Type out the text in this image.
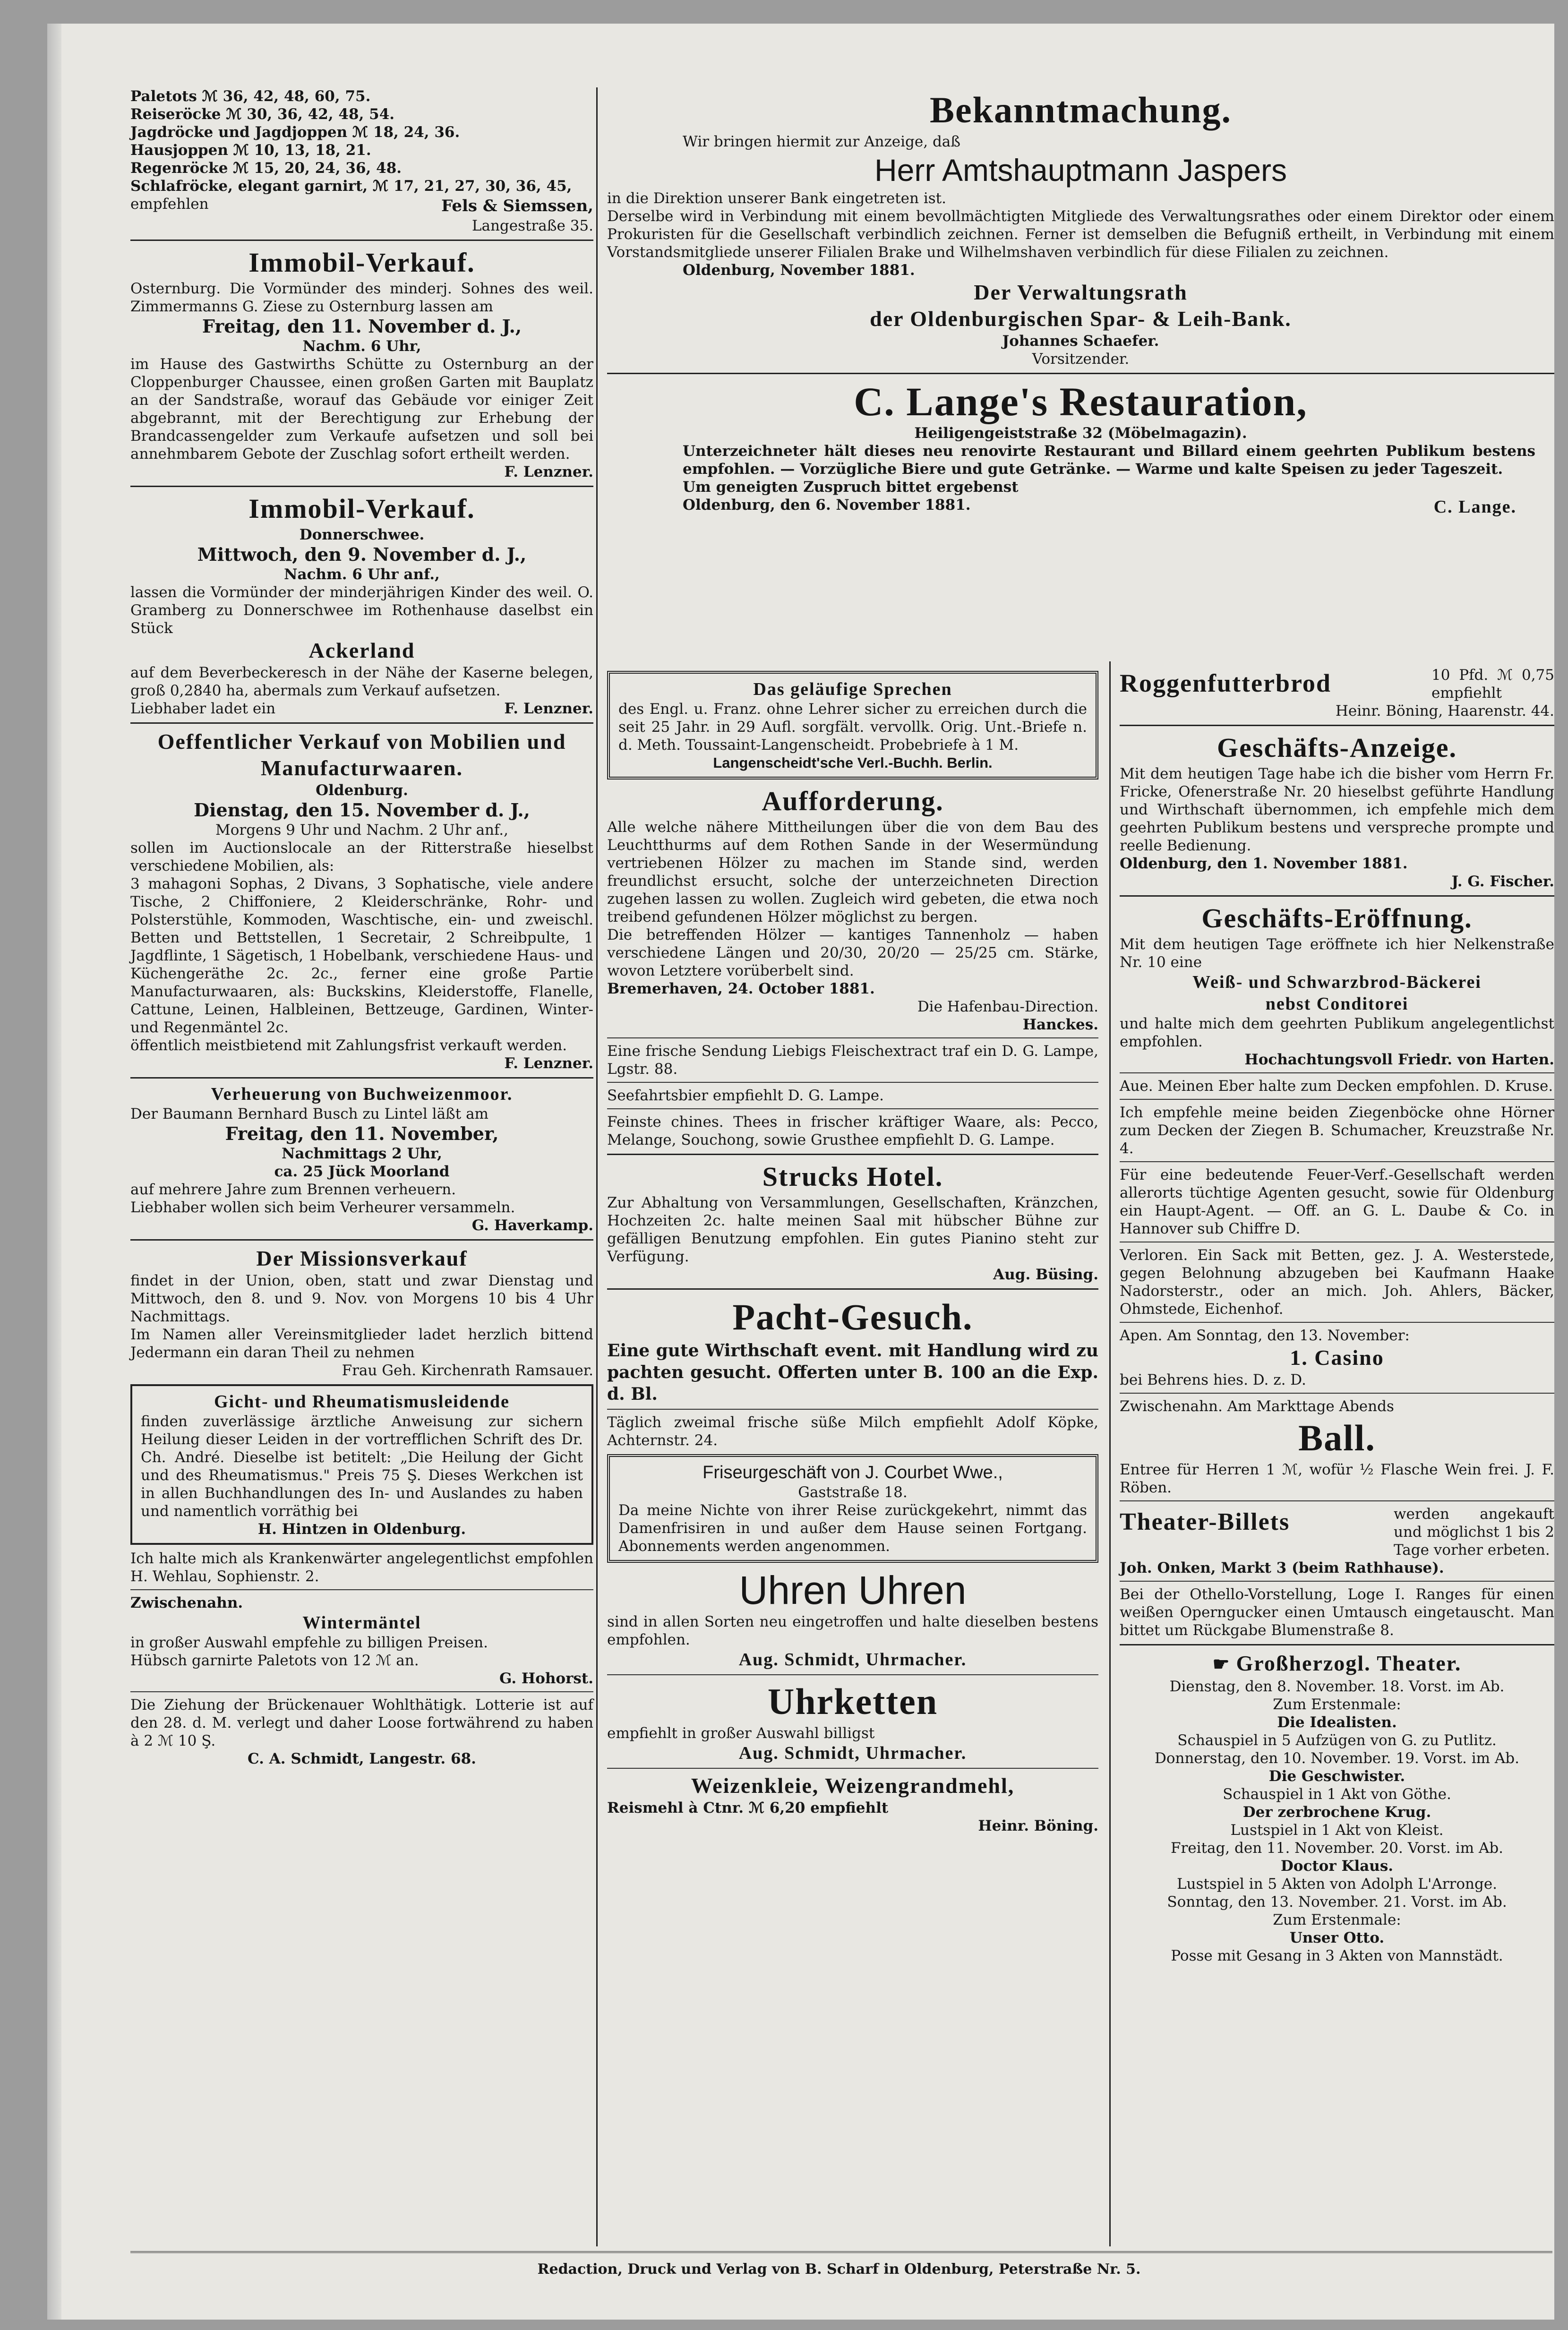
Paletots ℳ 36, 42, 48, 60, 75.

Reiseröcke ℳ 30, 36, 42, 48, 54.

Jagdröcke und Jagdjoppen ℳ 18, 24, 36.

Hausjoppen ℳ 10, 13, 18, 21.

Regenröcke ℳ 15, 20, 24, 36, 48.

Schlafröcke, elegant garnirt, ℳ 17, 21, 27, 30, 36, 45,

empfehlen	Fels & Siemssen,

Langestraße 35.

Immobil-Verkauf.

Osternburg. Die Vormünder des minderj. Sohnes des weil. Zimmermanns G. Ziese zu Osternburg lassen am

Freitag, den 11. November d. J.,

Nachm. 6 Uhr,

im Hause des Gastwirths Schütte zu Osternburg an der Cloppenburger Chaussee, einen großen Garten mit Bauplatz an der Sandstraße, worauf das Gebäude vor einiger Zeit abgebrannt, mit der Berechtigung zur Erhebung der Brandcassengelder zum Verkaufe aufsetzen und soll bei annehmbarem Gebote der Zuschlag sofort ertheilt werden.

F. Lenzner.

Immobil-Verkauf.

Donnerschwee.

Mittwoch, den 9. November d. J.,

Nachm. 6 Uhr anf.,

lassen die Vormünder der minderjährigen Kinder des weil. O. Gramberg zu Donnerschwee im Rothenhause daselbst ein Stück

Ackerland

auf dem Beverbeckeresch in der Nähe der Kaserne belegen, groß 0,2840 ha, abermals zum Verkauf aufsetzen.

Liebhaber ladet ein	F. Lenzner.

Oeffentlicher Verkauf von Mobilien und Manufacturwaaren.

Oldenburg.

Dienstag, den 15. November d. J.,

Morgens 9 Uhr und Nachm. 2 Uhr anf.,

sollen im Auctionslocale an der Ritterstraße hieselbst verschiedene Mobilien, als:

3 mahagoni Sophas, 2 Divans, 3 Sophatische, viele andere Tische, 2 Chiffoniere, 2 Kleiderschränke, Rohr- und Polsterstühle, Kommoden, Waschtische, ein- und zweischl. Betten und Bettstellen, 1 Secretair, 2 Schreibpulte, 1 Jagdflinte, 1 Sägetisch, 1 Hobelbank, verschiedene Haus- und Küchengeräthe 2c. 2c., ferner eine große Partie Manufacturwaaren, als: Buckskins, Kleiderstoffe, Flanelle, Cattune, Leinen, Halbleinen, Bettzeuge, Gardinen, Winter- und Regenmäntel 2c.

öffentlich meistbietend mit Zahlungsfrist verkauft werden.

F. Lenzner.

Verheuerung von Buchweizenmoor.

Der Baumann Bernhard Busch zu Lintel läßt am

Freitag, den 11. November,

Nachmittags 2 Uhr,

ca. 25 Jück Moorland

auf mehrere Jahre zum Brennen verheuern.

Liebhaber wollen sich beim Verheurer versammeln.

G. Haverkamp.

Der Missionsverkauf

findet in der Union, oben, statt und zwar Dienstag und Mittwoch, den 8. und 9. Nov. von Morgens 10 bis 4 Uhr Nachmittags.

Im Namen aller Vereinsmitglieder ladet herzlich bittend Jedermann ein daran Theil zu nehmen

Frau Geh. Kirchenrath Ramsauer.

Gicht- und Rheumatismusleidende

finden zuverlässige ärztliche Anweisung zur sichern Heilung dieser Leiden in der vortrefflichen Schrift des Dr. Ch. André. Dieselbe ist betitelt: „Die Heilung der Gicht und des Rheumatismus." Preis 75 Ş. Dieses Werkchen ist in allen Buchhandlungen des In- und Auslandes zu haben und namentlich vorräthig bei

H. Hintzen in Oldenburg.

Ich halte mich als Krankenwärter angelegentlichst empfohlen H. Wehlau, Sophienstr. 2.

Zwischenahn.

Wintermäntel

in großer Auswahl empfehle zu billigen Preisen.

Hübsch garnirte Paletots von 12 ℳ an.

G. Hohorst.

Die Ziehung der Brückenauer Wohlthätigk. Lotterie ist auf den 28. d. M. verlegt und daher Loose fortwährend zu haben à 2 ℳ 10 Ş.

C. A. Schmidt, Langestr. 68.

Bekanntmachung.

Wir bringen hiermit zur Anzeige, daß

Herr Amtshauptmann Jaspers

in die Direktion unserer Bank eingetreten ist.

Derselbe wird in Verbindung mit einem bevollmächtigten Mitgliede des Verwaltungsrathes oder einem Direktor oder einem Prokuristen für die Gesellschaft verbindlich zeichnen. Ferner ist demselben die Befugniß ertheilt, in Verbindung mit einem Vorstandsmitgliede unserer Filialen Brake und Wilhelmshaven verbindlich für diese Filialen zu zeichnen.

Oldenburg, November 1881.

Der Verwaltungsrath

der Oldenburgischen Spar- & Leih-Bank.

Johannes Schaefer.

Vorsitzender.

C. Lange's Restauration,

Heiligengeiststraße 32 (Möbelmagazin).

Unterzeichneter hält dieses neu renovirte Restaurant und Billard einem geehrten Publikum bestens empfohlen. — Vorzügliche Biere und gute Getränke. — Warme und kalte Speisen zu jeder Tageszeit.

Um geneigten Zuspruch bittet ergebenst

Oldenburg, den 6. November 1881.	C. Lange.

Das geläufige Sprechen

des Engl. u. Franz. ohne Lehrer sicher zu erreichen durch die seit 25 Jahr. in 29 Aufl. sorgfält. vervollk. Orig. Unt.-Briefe n. d. Meth. Toussaint-Langenscheidt. Probebriefe à 1 M.

Langenscheidt'sche Verl.-Buchh. Berlin.

Aufforderung.

Alle welche nähere Mittheilungen über die von dem Bau des Leuchtthurms auf dem Rothen Sande in der Wesermündung vertriebenen Hölzer zu machen im Stande sind, werden freundlichst ersucht, solche der unterzeichneten Direction zugehen lassen zu wollen. Zugleich wird gebeten, die etwa noch treibend gefundenen Hölzer möglichst zu bergen.

Die betreffenden Hölzer — kantiges Tannenholz — haben verschiedene Längen und 20/30, 20/20 — 25/25 cm. Stärke, wovon Letztere vorüberbelt sind.

Bremerhaven, 24. October 1881.

Die Hafenbau-Direction.

Hanckes.

Eine frische Sendung Liebigs Fleischextract traf ein D. G. Lampe, Lgstr. 88.

Seefahrtsbier empfiehlt D. G. Lampe.

Feinste chines. Thees in frischer kräftiger Waare, als: Pecco, Melange, Souchong, sowie Grusthee empfiehlt D. G. Lampe.

Strucks Hotel.

Zur Abhaltung von Versammlungen, Gesellschaften, Kränzchen, Hochzeiten 2c. halte meinen Saal mit hübscher Bühne zur gefälligen Benutzung empfohlen. Ein gutes Pianino steht zur Verfügung.

Aug. Büsing.

Pacht-Gesuch.

Eine gute Wirthschaft event. mit Handlung wird zu pachten gesucht. Offerten unter B. 100 an die Exp. d. Bl.

Täglich zweimal frische süße Milch empfiehlt Adolf Köpke, Achternstr. 24.

Friseurgeschäft von J. Courbet Wwe.,

Gaststraße 18.

Da meine Nichte von ihrer Reise zurückgekehrt, nimmt das Damenfrisiren in und außer dem Hause seinen Fortgang. Abonnements werden angenommen.

Uhren Uhren

sind in allen Sorten neu eingetroffen und halte dieselben bestens empfohlen.

Aug. Schmidt, Uhrmacher.

Uhrketten

empfiehlt in großer Auswahl billigst

Aug. Schmidt, Uhrmacher.

Weizenkleie, Weizengrandmehl,

Reismehl à Ctnr. ℳ 6,20 empfiehlt

Heinr. Böning.

Roggenfutterbrod	10 Pfd. ℳ 0,75 empfiehlt

Heinr. Böning, Haarenstr. 44.

Geschäfts-Anzeige.

Mit dem heutigen Tage habe ich die bisher vom Herrn Fr. Fricke, Ofenerstraße Nr. 20 hieselbst geführte Handlung und Wirthschaft übernommen, ich empfehle mich dem geehrten Publikum bestens und verspreche prompte und reelle Bedienung.

Oldenburg, den 1. November 1881.

J. G. Fischer.

Geschäfts-Eröffnung.

Mit dem heutigen Tage eröffnete ich hier Nelkenstraße Nr. 10 eine

Weiß- und Schwarzbrod-Bäckerei

nebst Conditorei

und halte mich dem geehrten Publikum angelegentlichst empfohlen.

Hochachtungsvoll Friedr. von Harten.

Aue. Meinen Eber halte zum Decken empfohlen. D. Kruse.

Ich empfehle meine beiden Ziegenböcke ohne Hörner zum Decken der Ziegen B. Schumacher, Kreuzstraße Nr. 4.

Für eine bedeutende Feuer-Verf.-Gesellschaft werden allerorts tüchtige Agenten gesucht, sowie für Oldenburg ein Haupt-Agent. — Off. an G. L. Daube & Co. in Hannover sub Chiffre D.

Verloren. Ein Sack mit Betten, gez. J. A. Westerstede, gegen Belohnung abzugeben bei Kaufmann Haake Nadorsterstr., oder an mich. Joh. Ahlers, Bäcker, Ohmstede, Eichenhof.

Apen. Am Sonntag, den 13. November:

1. Casino

bei Behrens hies. D. z. D.

Zwischenahn. Am Markttage Abends

Ball.

Entree für Herren 1 ℳ, wofür ½ Flasche Wein frei. J. F. Röben.

Theater-Billets	werden angekauft und möglichst 1 bis 2 Tage vorher erbeten.

Joh. Onken, Markt 3 (beim Rathhause).

Bei der Othello-Vorstellung, Loge I. Ranges für einen weißen Operngucker einen Umtausch eingetauscht. Man bittet um Rückgabe Blumenstraße 8.

☛ Großherzogl. Theater.

Dienstag, den 8. November. 18. Vorst. im Ab.

Zum Erstenmale:

Die Idealisten.

Schauspiel in 5 Aufzügen von G. zu Putlitz.

Donnerstag, den 10. November. 19. Vorst. im Ab.

Die Geschwister.

Schauspiel in 1 Akt von Göthe.

Der zerbrochene Krug.

Lustspiel in 1 Akt von Kleist.

Freitag, den 11. November. 20. Vorst. im Ab.

Doctor Klaus.

Lustspiel in 5 Akten von Adolph L'Arronge.

Sonntag, den 13. November. 21. Vorst. im Ab.

Zum Erstenmale:

Unser Otto.

Posse mit Gesang in 3 Akten von Mannstädt.

Redaction, Druck und Verlag von B. Scharf in Oldenburg, Peterstraße Nr. 5.
